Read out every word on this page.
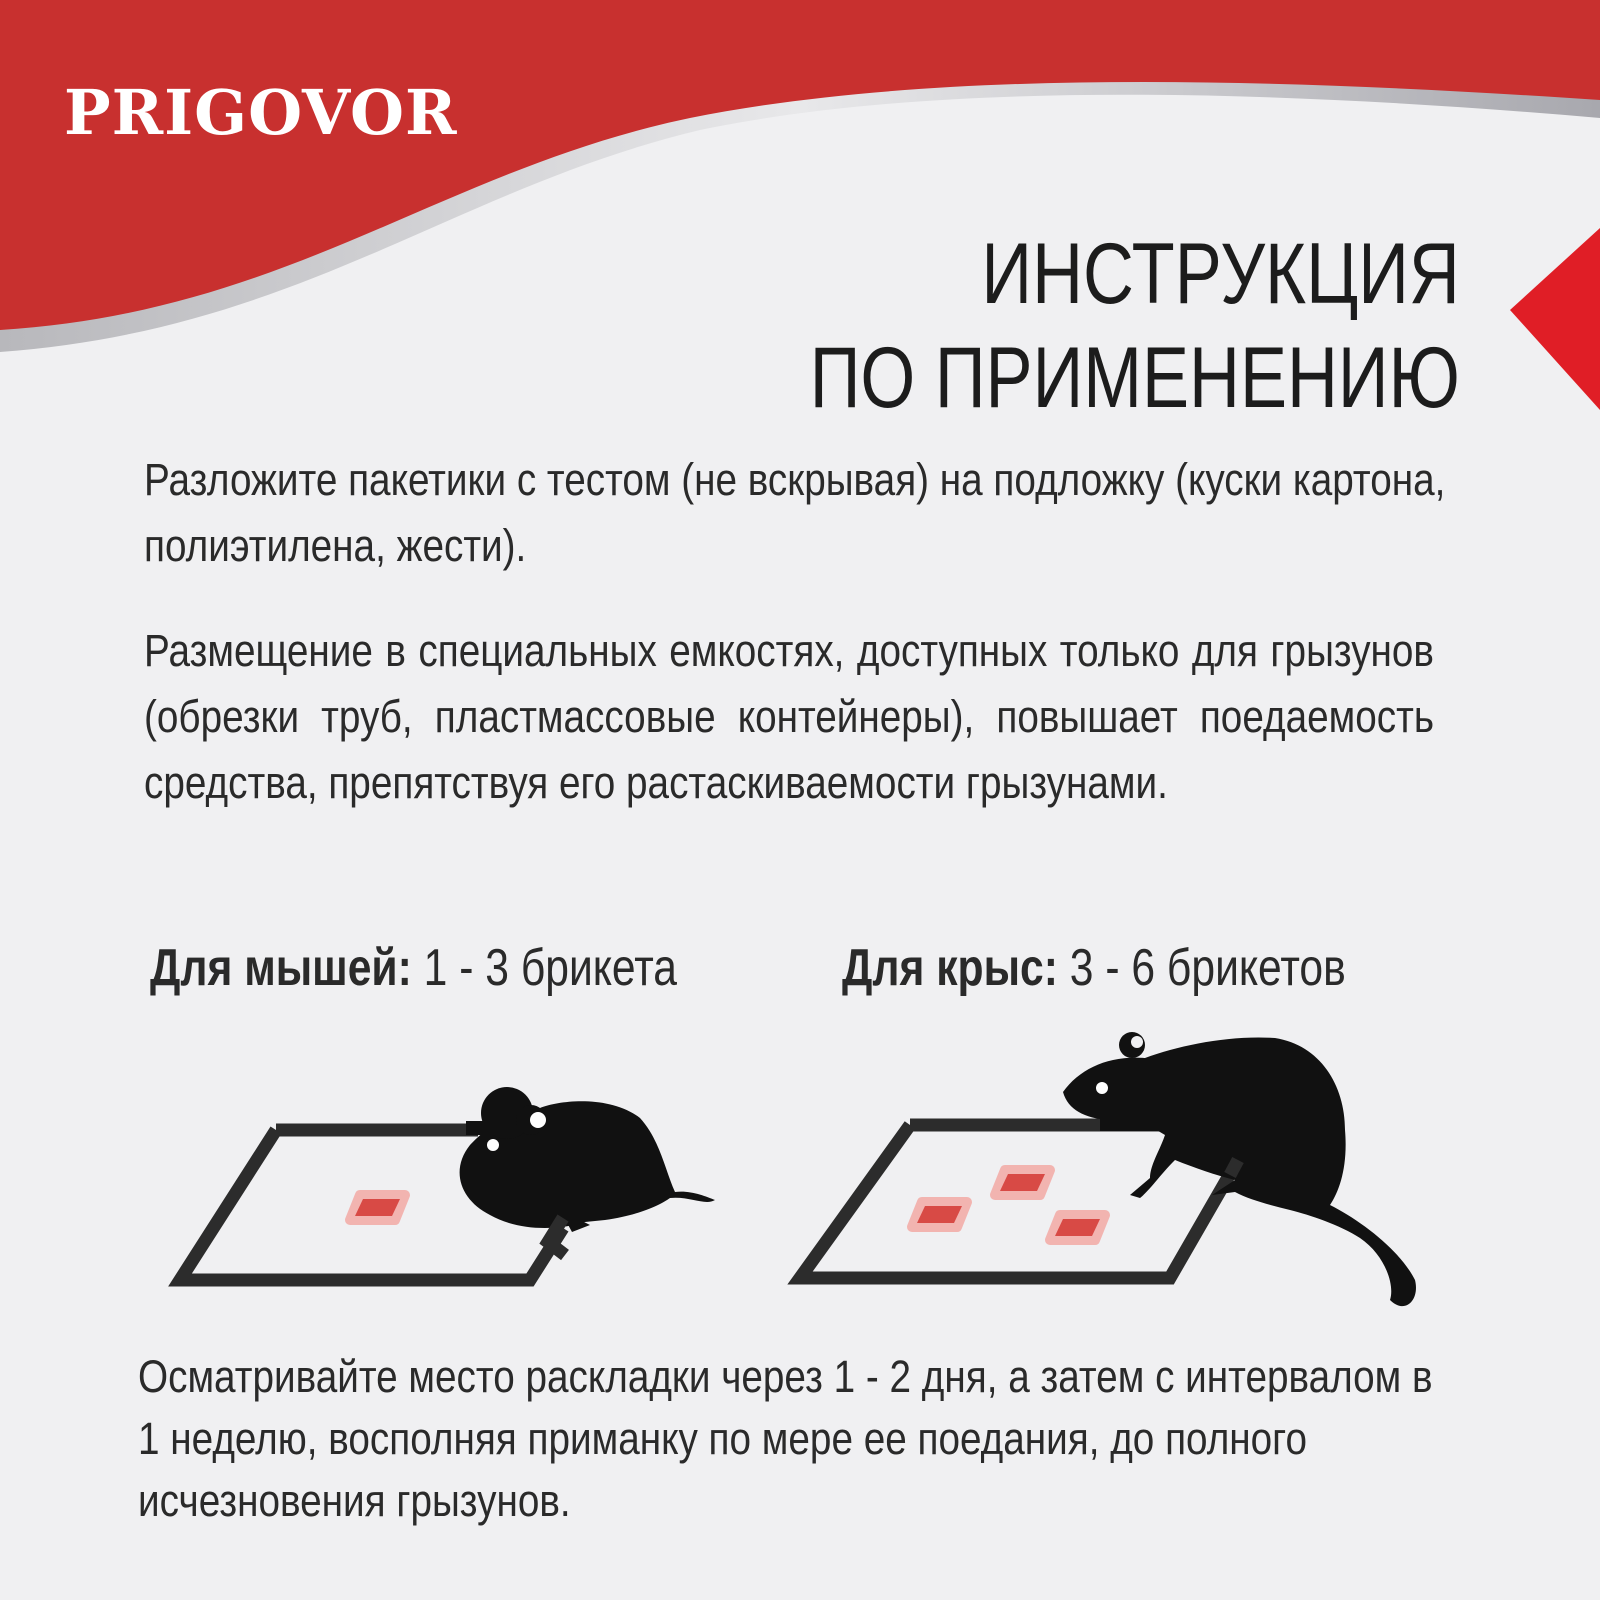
PRIGOVOR
ИНСТРУКЦИЯ
ПО ПРИМЕНЕНИЮ

Разложите пакетики с тестом (не вскрывая) на подложку (куски картона, полиэтилена, жести).

Размещение в специальных емкостях, доступных только для грызунов (обрезки труб, пластмассовые контейнеры), повышает поедаемость средства, препятствуя его растаскиваемости грызунами.

Для мышей: 1 - 3 брикета	Для крыс: 3 - 6 брикетов

Осматривайте место раскладки через 1 - 2 дня, а затем с интервалом в 1 неделю, восполняя приманку по мере ее поедания, до полного исчезновения грызунов.
